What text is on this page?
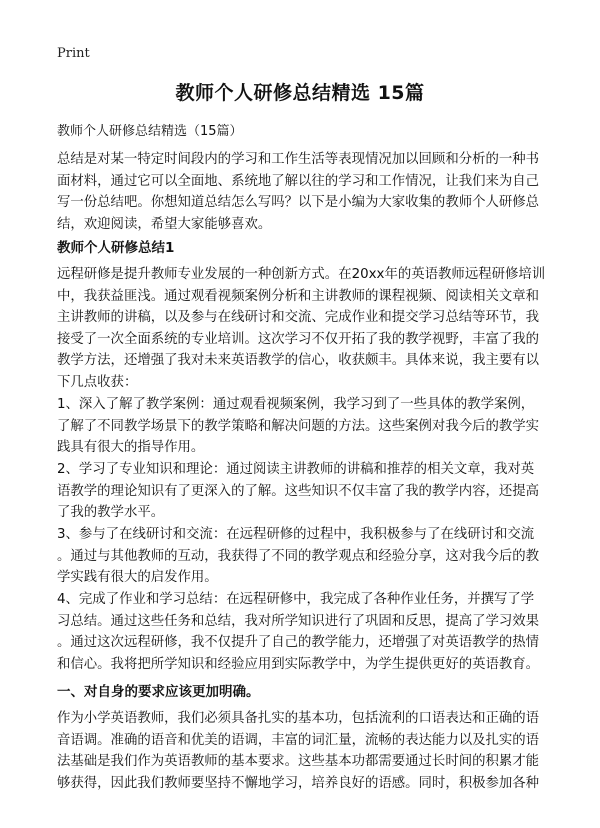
Print
教师个人研修总结精选 15篇
教师个人研修总结精选（15篇）
总结是对某一特定时间段内的学习和工作生活等表现情况加以回顾和分析的一种书
面材料，通过它可以全面地、系统地了解以往的学习和工作情况，让我们来为自己
写一份总结吧。你想知道总结怎么写吗？以下是小编为大家收集的教师个人研修总
结，欢迎阅读，希望大家能够喜欢。
教师个人研修总结1
远程研修是提升教师专业发展的一种创新方式。在20xx年的英语教师远程研修培训
中，我获益匪浅。通过观看视频案例分析和主讲教师的课程视频、阅读相关文章和
主讲教师的讲稿，以及参与在线研讨和交流、完成作业和提交学习总结等环节，我
接受了一次全面系统的专业培训。这次学习不仅开拓了我的教学视野，丰富了我的
教学方法，还增强了我对未来英语教学的信心，收获颇丰。具体来说，我主要有以
下几点收获：
1、深入了解了教学案例：通过观看视频案例，我学习到了一些具体的教学案例，
了解了不同教学场景下的教学策略和解决问题的方法。这些案例对我今后的教学实
践具有很大的指导作用。
2、学习了专业知识和理论：通过阅读主讲教师的讲稿和推荐的相关文章，我对英
语教学的理论知识有了更深入的了解。这些知识不仅丰富了我的教学内容，还提高
了我的教学水平。
3、参与了在线研讨和交流：在远程研修的过程中，我积极参与了在线研讨和交流
。通过与其他教师的互动，我获得了不同的教学观点和经验分享，这对我今后的教
学实践有很大的启发作用。
4、完成了作业和学习总结：在远程研修中，我完成了各种作业任务，并撰写了学
习总结。通过这些任务和总结，我对所学知识进行了巩固和反思，提高了学习效果
。通过这次远程研修，我不仅提升了自己的教学能力，还增强了对英语教学的热情
和信心。我将把所学知识和经验应用到实际教学中，为学生提供更好的英语教育。
一、对自身的要求应该更加明确。
作为小学英语教师，我们必须具备扎实的基本功，包括流利的口语表达和正确的语
音语调。准确的语音和优美的语调，丰富的词汇量，流畅的表达能力以及扎实的语
法基础是我们作为英语教师的基本要求。这些基本功都需要通过长时间的积累才能
够获得，因此我们教师要坚持不懈地学习，培养良好的语感。同时，积极参加各种
